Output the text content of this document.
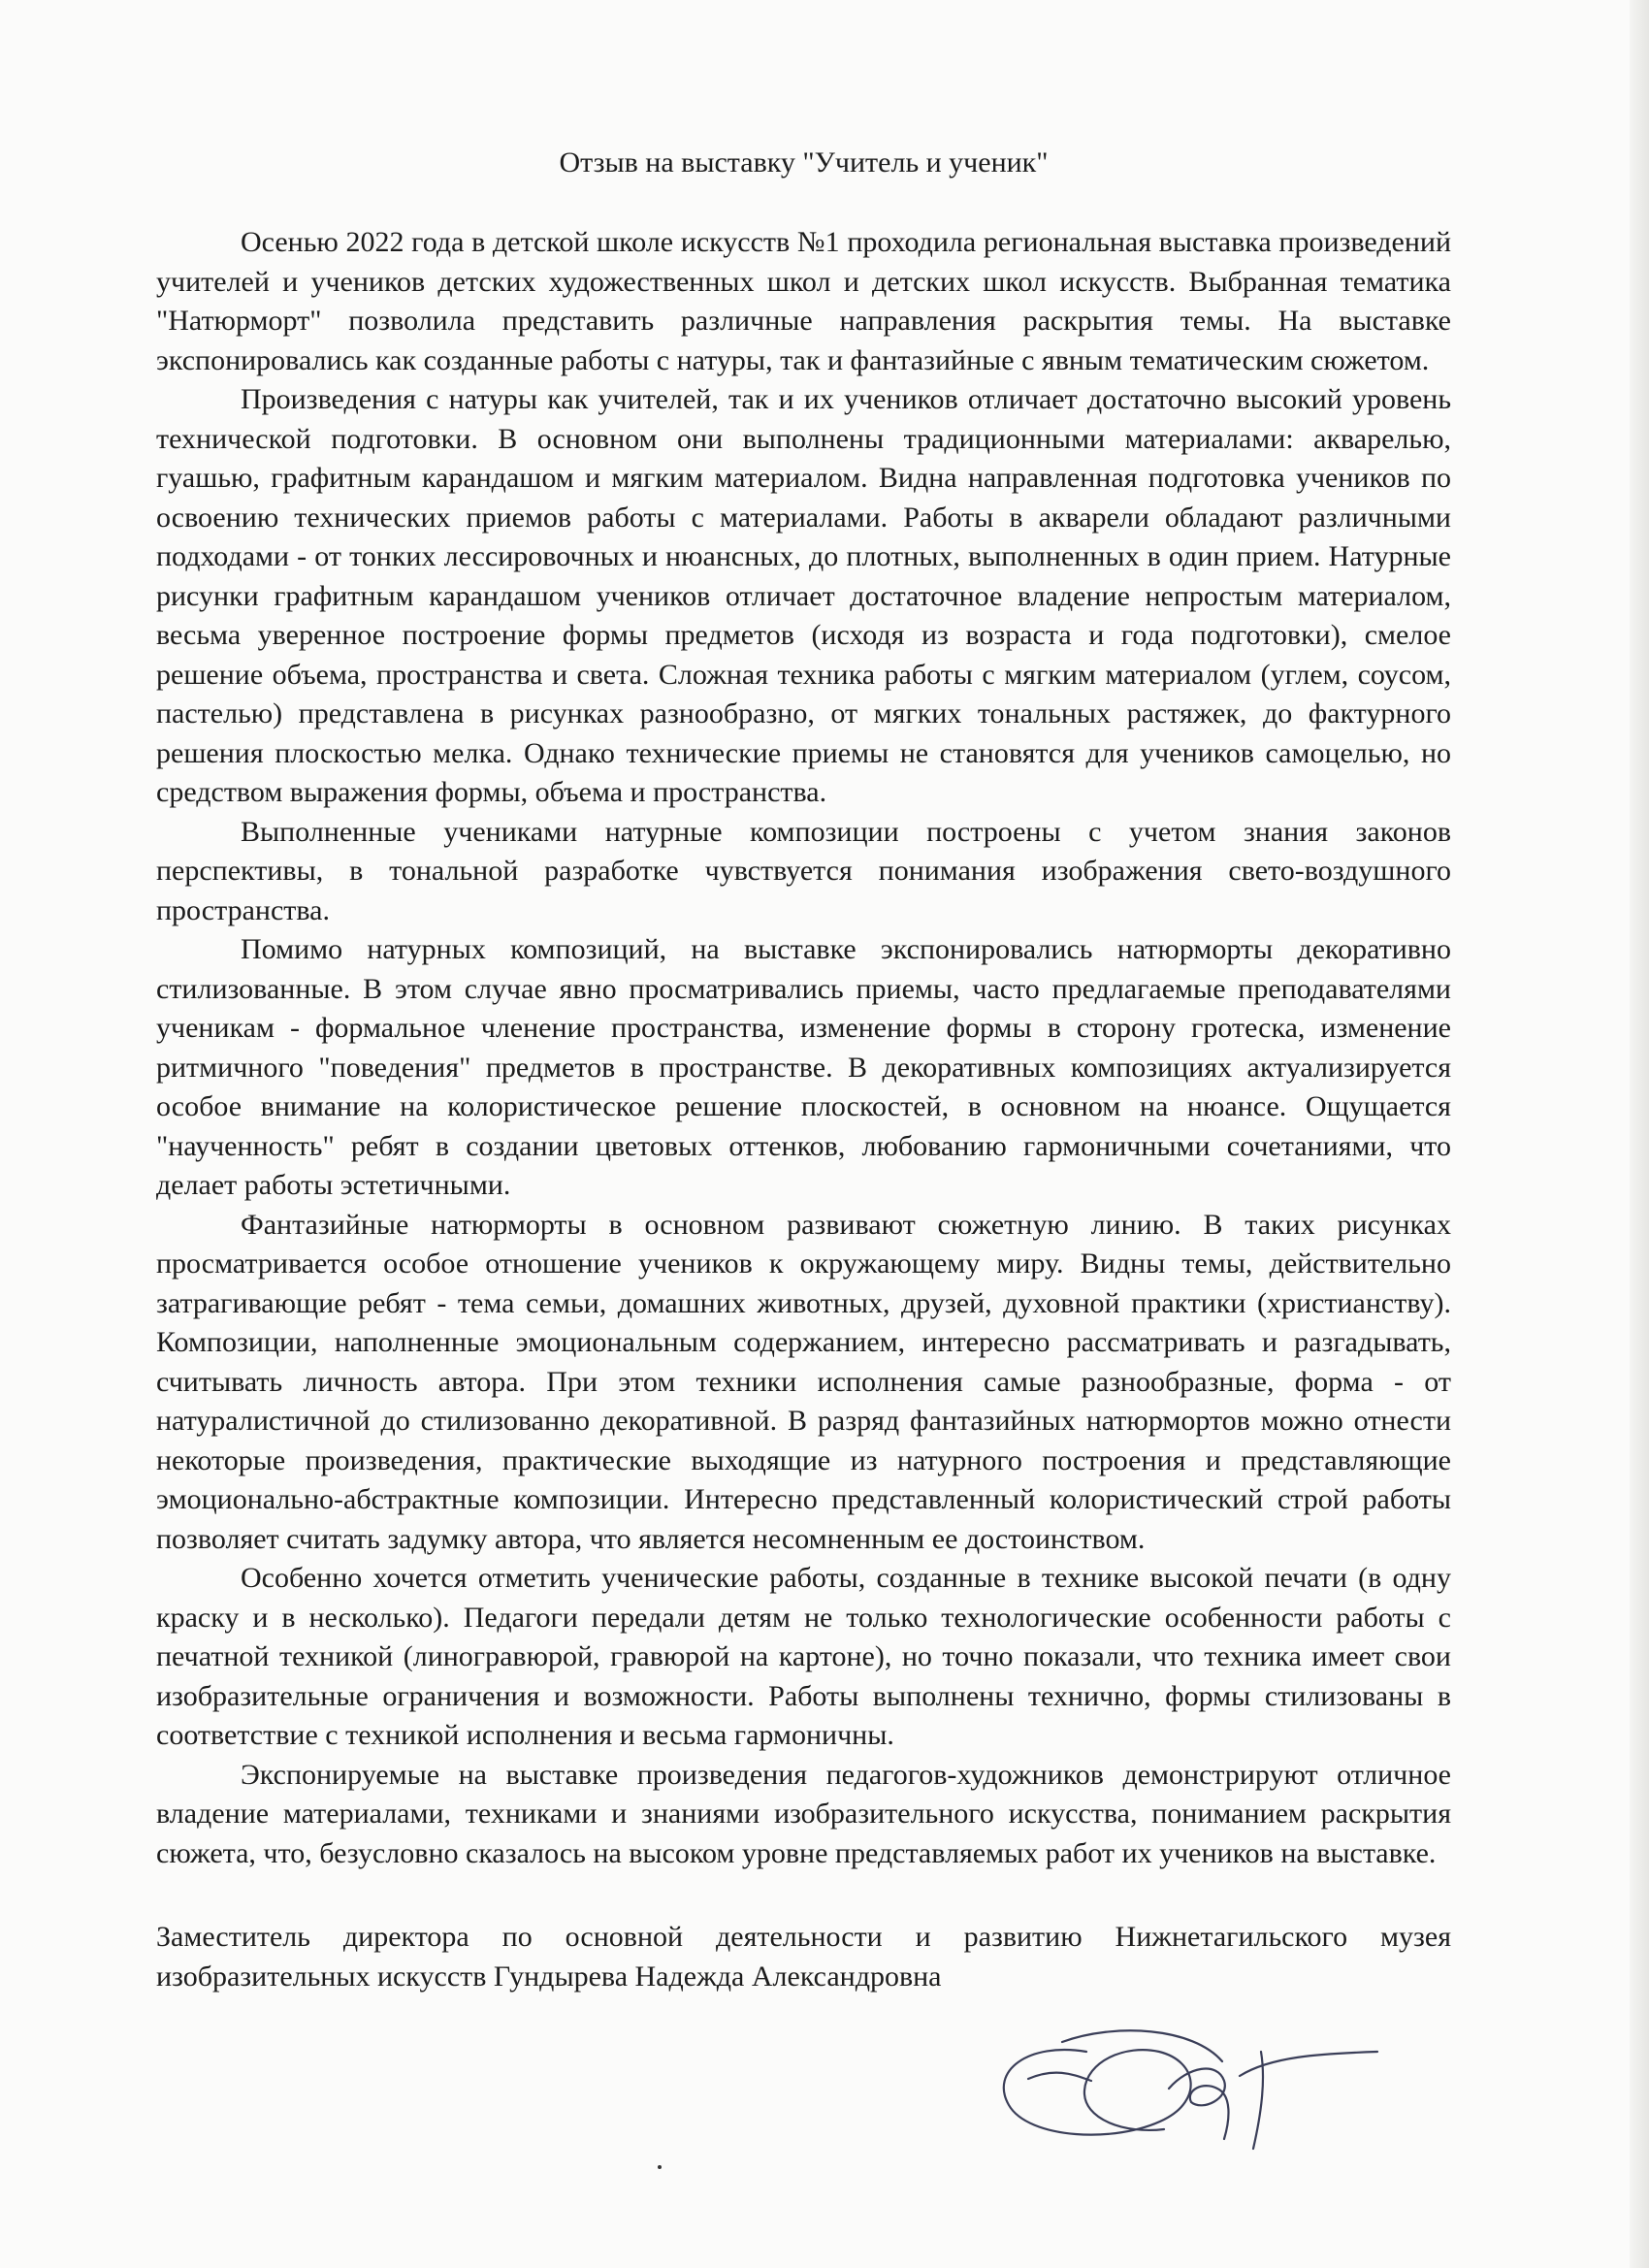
Отзыв на выставку "Учитель и ученик"

Осенью 2022 года в детской школе искусств №1 проходила региональная выставка произведений учителей и учеников детских художественных школ и детских школ искусств. Выбранная тематика "Натюрморт" позволила представить различные направления раскрытия темы. На выставке экспонировались как созданные работы с натуры, так и фантазийные с явным тематическим сюжетом.

Произведения с натуры как учителей, так и их учеников отличает достаточно высокий уровень технической подготовки. В основном они выполнены традиционными материалами: акварелью, гуашью, графитным карандашом и мягким материалом. Видна направленная подготовка учеников по освоению технических приемов работы с материалами. Работы в акварели обладают различными подходами - от тонких лессировочных и нюансных, до плотных, выполненных в один прием. Натурные рисунки графитным карандашом учеников отличает достаточное владение непростым материалом, весьма уверенное построение формы предметов (исходя из возраста и года подготовки), смелое решение объема, пространства и света. Сложная техника работы с мягким материалом (углем, соусом, пастелью) представлена в рисунках разнообразно, от мягких тональных растяжек, до фактурного решения плоскостью мелка. Однако технические приемы не становятся для учеников самоцелью, но средством выражения формы, объема и пространства.

Выполненные учениками натурные композиции построены с учетом знания законов перспективы, в тональной разработке чувствуется понимания изображения свето-воздушного пространства.

Помимо натурных композиций, на выставке экспонировались натюрморты декоративно стилизованные. В этом случае явно просматривались приемы, часто предлагаемые преподавателями ученикам - формальное членение пространства, изменение формы в сторону гротеска, изменение ритмичного "поведения" предметов в пространстве. В декоративных композициях актуализируется особое внимание на колористическое решение плоскостей, в основном на нюансе. Ощущается "наученность" ребят в создании цветовых оттенков, любованию гармоничными сочетаниями, что делает работы эстетичными.

Фантазийные натюрморты в основном развивают сюжетную линию. В таких рисунках просматривается особое отношение учеников к окружающему миру. Видны темы, действительно затрагивающие ребят - тема семьи, домашних животных, друзей, духовной практики (христианству). Композиции, наполненные эмоциональным содержанием, интересно рассматривать и разгадывать, считывать личность автора. При этом техники исполнения самые разнообразные, форма - от натуралистичной до стилизованно декоративной. В разряд фантазийных натюрмортов можно отнести некоторые произведения, практические выходящие из натурного построения и представляющие эмоционально-абстрактные композиции. Интересно представленный колористический строй работы позволяет считать задумку автора, что является несомненным ее достоинством.

Особенно хочется отметить ученические работы, созданные в технике высокой печати (в одну краску и в несколько). Педагоги передали детям не только технологические особенности работы с печатной техникой (линогравюрой, гравюрой на картоне), но точно показали, что техника имеет свои изобразительные ограничения и возможности. Работы выполнены технично, формы стилизованы в соответствие с техникой исполнения и весьма гармоничны.

Экспонируемые на выставке произведения педагогов-художников демонстрируют отличное владение материалами, техниками и знаниями изобразительного искусства, пониманием раскрытия сюжета, что, безусловно сказалось на высоком уровне представляемых работ их учеников на выставке.

Заместитель директора по основной деятельности и развитию Нижнетагильского музея изобразительных искусств Гундырева Надежда Александровна
